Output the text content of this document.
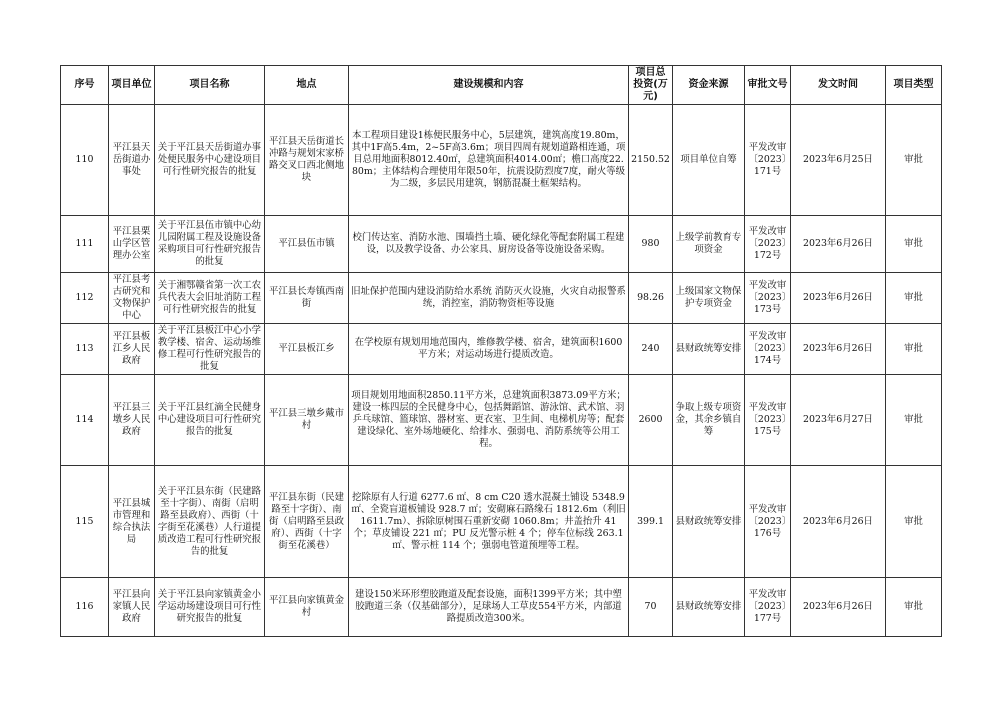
序号	项目单位	项目名称	地点	建设规模和内容	项目总投资(万元)	资金来源	审批文号	发文时间	项目类型
110	平江县天岳街道办事处	关于平江县天岳街道办事处便民服务中心建设项目可行性研究报告的批复	平江县天岳街道长冲路与规划宋家桥路交叉口西北侧地块	本工程项目建设1栋便民服务中心，5层建筑，建筑高度19.80m，其中1F高5.4m，2~5F高3.6m；项目四周有规划道路相连通，项目总用地面积8012.40㎡，总建筑面积4014.00㎡；檐口高度22.80m；主体结构合理使用年限50年，抗震设防烈度7度，耐火等级为二级，多层民用建筑，钢筋混凝土框架结构。	2150.52	项目单位自筹	平发改审〔2023〕171号	2023年6月25日	审批
111	平江县栗山学区管理办公室	关于平江县伍市镇中心幼儿园附属工程及设施设备采购项目可行性研究报告的批复	平江县伍市镇	校门传达室、消防水池、围墙挡土墙、硬化绿化等配套附属工程建设，以及教学设备、办公家具、厨房设备等设施设备采购。	980	上级学前教育专项资金	平发改审〔2023〕172号	2023年6月26日	审批
112	平江县考古研究和文物保护中心	关于湘鄂赣省第一次工农兵代表大会旧址消防工程可行性研究报告的批复	平江县长寿镇西南街	旧址保护范围内建设消防给水系统 消防灭火设施，火灾自动报警系统，消控室，消防物资柜等设施	98.26	上级国家文物保护专项资金	平发改审〔2023〕173号	2023年6月26日	审批
113	平江县板江乡人民政府	关于平江县板江中心小学教学楼、宿舍、运动场维修工程可行性研究报告的批复	平江县板江乡	在学校原有规划用地范围内，维修教学楼、宿舍，建筑面积1600平方米；对运动场进行提质改造。	240	县财政统筹安排	平发改审〔2023〕174号	2023年6月26日	审批
114	平江县三墩乡人民政府	关于平江县红滴全民健身中心建设项目可行性研究报告的批复	平江县三墩乡戴市村	项目规划用地面积2850.11平方米，总建筑面积3873.09平方米；建设一栋四层的全民健身中心，包括舞蹈馆、游泳馆、武术馆、羽乒乓球馆、篮球馆、器材室、更衣室、卫生间、电梯机房等；配套建设绿化、室外场地硬化、给排水、强弱电、消防系统等公用工程。	2600	争取上级专项资金，其余乡镇自筹	平发改审〔2023〕175号	2023年6月27日	审批
115	平江县城市管理和综合执法局	关于平江县东街（民建路至十字街）、南街（启明路至县政府）、西街（十字街至花溪巷）人行道提质改造工程可行性研究报告的批复	平江县东街（民建路至十字街）、南街（启明路至县政府）、西街（十字街至花溪巷）	挖除原有人行道 6277.6 ㎡、8 cm C20 透水混凝土铺设 5348.9㎡、全瓷盲道板铺设 928.7 ㎡；安砌麻石路缘石 1812.6m（利旧 1611.7m）、拆除原树围石重新安砌 1060.8m；井盖抬升 41 个；草皮铺设 221 ㎡；PU 反光警示桩 4 个；停车位标线 263.1 ㎡、警示桩 114 个；强弱电管道预埋等工程。	399.1	县财政统筹安排	平发改审〔2023〕176号	2023年6月26日	审批
116	平江县向家镇人民政府	关于平江县向家镇黄金小学运动场建设项目可行性研究报告的批复	平江县向家镇黄金村	建设150米环形塑胶跑道及配套设施，面积1399平方米；其中塑胶跑道三条（仅基础部分），足球场人工草皮554平方米，内部道路提质改造300米。	70	县财政统筹安排	平发改审〔2023〕177号	2023年6月26日	审批
